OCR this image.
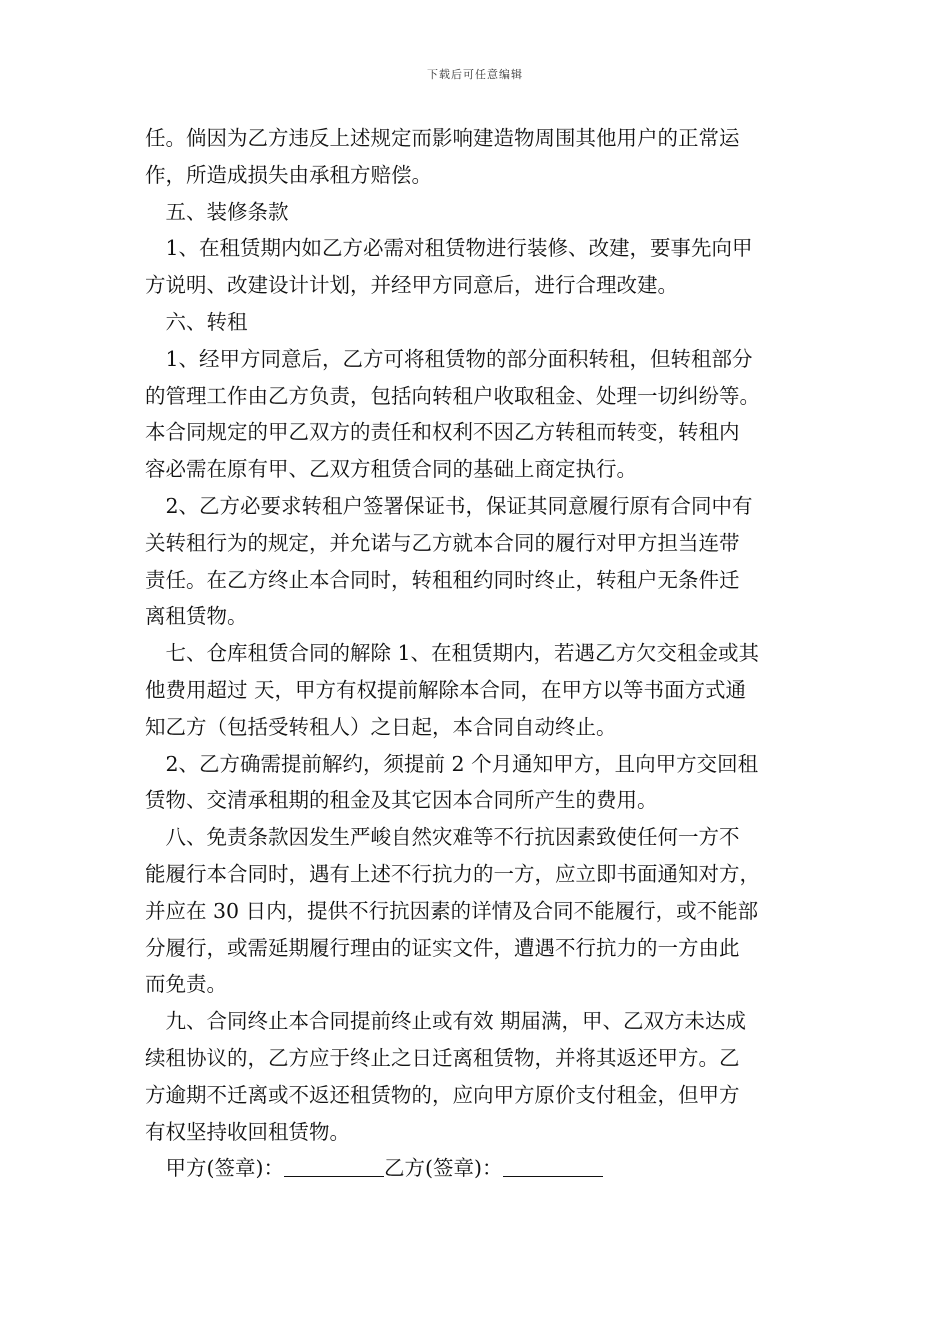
下载后可任意编辑
任。倘因为乙方违反上述规定而影响建造物周围其他用户的正常运
作，所造成损失由承租方赔偿。
　五、装修条款
　1、在租赁期内如乙方必需对租赁物进行装修、改建，要事先向甲
方说明、改建设计计划，并经甲方同意后，进行合理改建。
　六、转租
　1、经甲方同意后，乙方可将租赁物的部分面积转租，但转租部分
的管理工作由乙方负责，包括向转租户收取租金、处理一切纠纷等。
本合同规定的甲乙双方的责任和权利不因乙方转租而转变，转租内
容必需在原有甲、乙双方租赁合同的基础上商定执行。
　2、乙方必要求转租户签署保证书，保证其同意履行原有合同中有
关转租行为的规定，并允诺与乙方就本合同的履行对甲方担当连带
责任。在乙方终止本合同时，转租租约同时终止，转租户无条件迁
离租赁物。
　七、仓库租赁合同的解除 1、在租赁期内，若遇乙方欠交租金或其
他费用超过 天，甲方有权提前解除本合同，在甲方以等书面方式通
知乙方（包括受转租人）之日起，本合同自动终止。
　2、乙方确需提前解约，须提前 2 个月通知甲方，且向甲方交回租
赁物、交清承租期的租金及其它因本合同所产生的费用。
　八、免责条款因发生严峻自然灾难等不行抗因素致使任何一方不
能履行本合同时，遇有上述不行抗力的一方，应立即书面通知对方，
并应在 30 日内，提供不行抗因素的详情及合同不能履行，或不能部
分履行，或需延期履行理由的证实文件，遭遇不行抗力的一方由此
而免责。
　九、合同终止本合同提前终止或有效 期届满，甲、乙双方未达成
续租协议的，乙方应于终止之日迁离租赁物，并将其返还甲方。乙
方逾期不迁离或不返还租赁物的，应向甲方原价支付租金，但甲方
有权坚持收回租赁物。
　甲方(签章)：	乙方(签章)：
